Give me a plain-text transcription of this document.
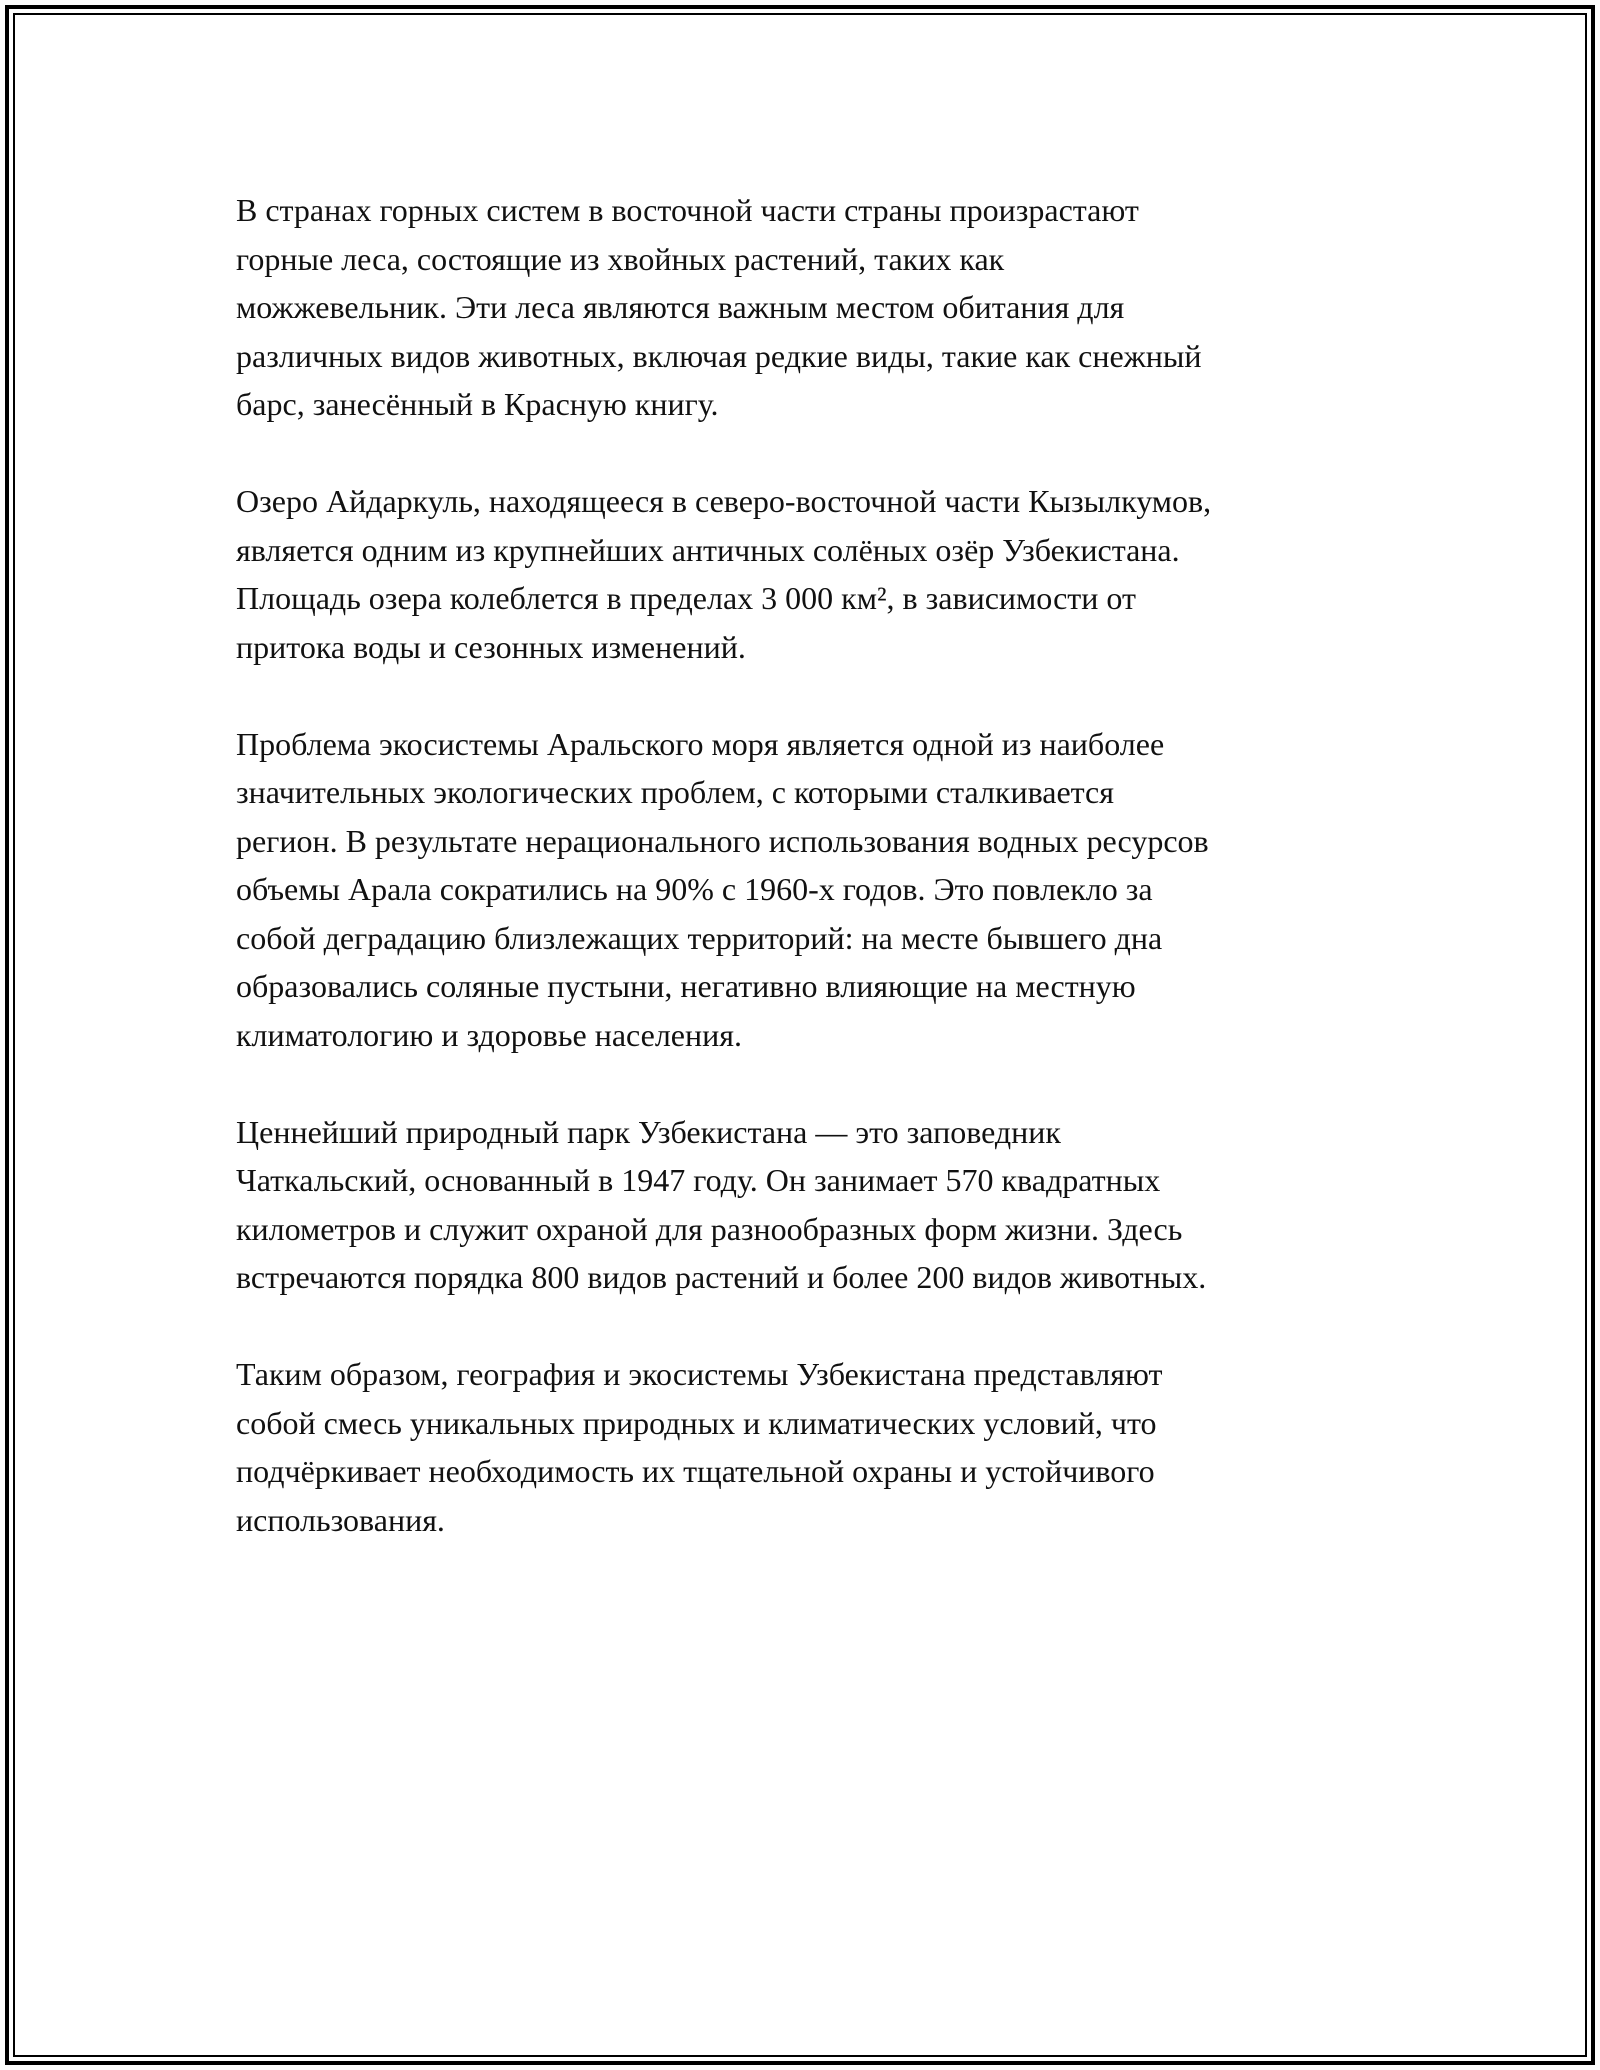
В странах горных систем в восточной части страны произрастают
горные леса, состоящие из хвойных растений, таких как
можжевельник. Эти леса являются важным местом обитания для
различных видов животных, включая редкие виды, такие как снежный
барс, занесённый в Красную книгу.

Озеро Айдаркуль, находящееся в северо-восточной части Кызылкумов,
является одним из крупнейших античных солёных озёр Узбекистана.
Площадь озера колеблется в пределах 3 000 км², в зависимости от
притока воды и сезонных изменений.

Проблема экосистемы Аральского моря является одной из наиболее
значительных экологических проблем, с которыми сталкивается
регион. В результате нерационального использования водных ресурсов
объемы Арала сократились на 90% с 1960-х годов. Это повлекло за
собой деградацию близлежащих территорий: на месте бывшего дна
образовались соляные пустыни, негативно влияющие на местную
климатологию и здоровье населения.

Ценнейший природный парк Узбекистана — это заповедник
Чаткальский, основанный в 1947 году. Он занимает 570 квадратных
километров и служит охраной для разнообразных форм жизни. Здесь
встречаются порядка 800 видов растений и более 200 видов животных.

Таким образом, география и экосистемы Узбекистана представляют
собой смесь уникальных природных и климатических условий, что
подчёркивает необходимость их тщательной охраны и устойчивого
использования.
